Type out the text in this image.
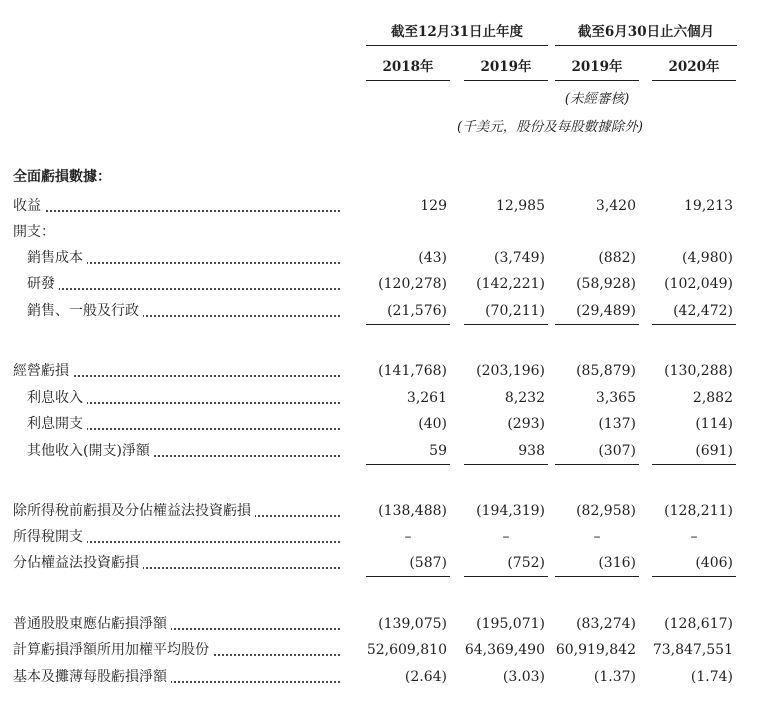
截至12月31日止年度	截至6月30日止六個月
2018年	2019年	2019年	2020年
(未經審核)
(千美元，股份及每股數據除外)
全面虧損數據：
收益	129	12,985	3,420	19,213
開支：
銷售成本	(43)	(3,749)	(882)	(4,980)
研發	(120,278)	(142,221)	(58,928)	(102,049)
銷售、一般及行政	(21,576)	(70,211)	(29,489)	(42,472)
經營虧損	(141,768)	(203,196)	(85,879)	(130,288)
利息收入	3,261	8,232	3,365	2,882
利息開支	(40)	(293)	(137)	(114)
其他收入(開支)淨額	59	938	(307)	(691)
除所得稅前虧損及分佔權益法投資虧損	(138,488)	(194,319)	(82,958)	(128,211)
所得稅開支	–	–	–	–
分佔權益法投資虧損	(587)	(752)	(316)	(406)
普通股股東應佔虧損淨額	(139,075)	(195,071)	(83,274)	(128,617)
計算虧損淨額所用加權平均股份	52,609,810 64,369,490 60,919,842 73,847,551
基本及攤薄每股虧損淨額	(2.64)	(3.03)	(1.37)	(1.74)
